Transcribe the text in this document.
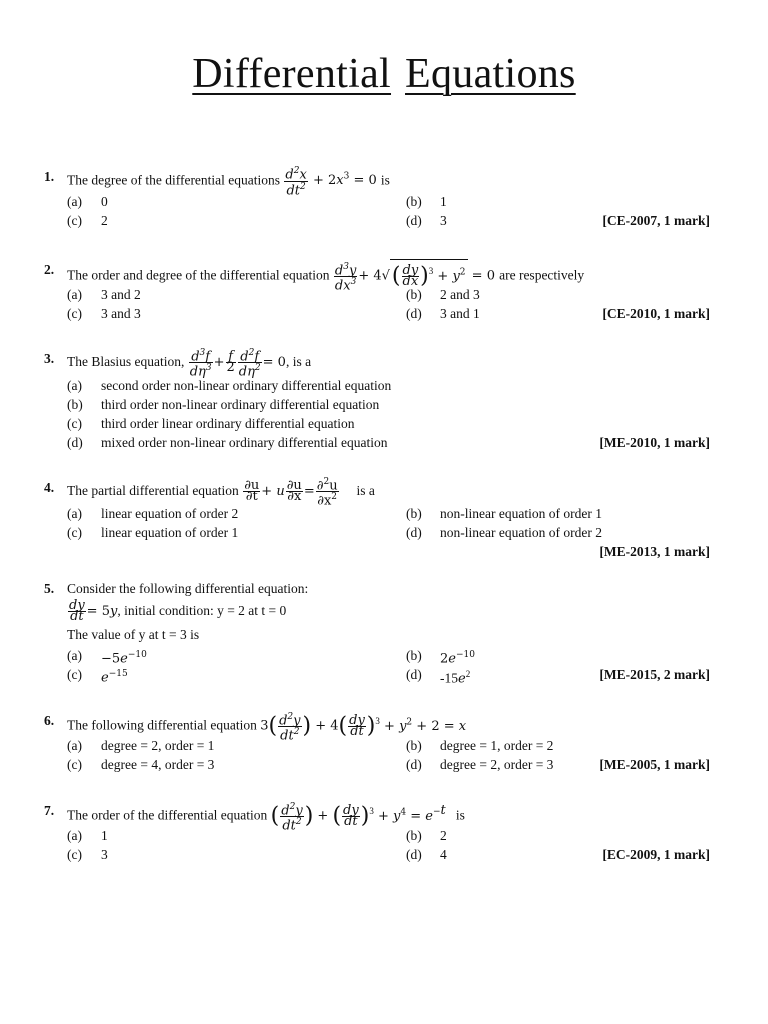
Differential Equations
1. The degree of the differential equations $\frac{d^2x}{dt^2} + 2x^3 = 0$ is
(a) 0	(b) 1
(c) 2	(d) 3	[CE-2007, 1 mark]
2. The order and degree of the differential equation $\frac{d^3y}{dx^3} + 4√( \frac{dy}{dx} )^3 + y^2 = 0$ are respectively
(a) 3 and 2	(b) 2 and 3
(c) 3 and 3	(d) 3 and 1	[CE-2010, 1 mark]
3. The Blasius equation, $\frac{d^3f}{d\eta^3} + \frac{f}{2} \frac{d^2f}{d\eta^2} = 0$, is a
(a) second order non-linear ordinary differential equation
(b) third order non-linear ordinary differential equation
(c) third order linear ordinary differential equation
(d) mixed order non-linear ordinary differential equation	[ME-2010, 1 mark]
4. The partial differential equation $\frac{\partial u}{\partial t} + u \frac{\partial u}{\partial x} = \frac{\partial^2u}{\partial x^2}$ is a
(a) linear equation of order 2	(b) non-linear equation of order 1
(c) linear equation of order 1	(d) non-linear equation of order 2
[ME-2013, 1 mark]
5. Consider the following differential equation:
$\frac{dy}{dt} = 5y$, initial condition: y = 2 at t = 0
The value of y at t = 3 is
$(a) -5e^{-10}$	(b) $2e^{-10}$
(c) $e^{-15}$	(d) $-15e^2$	[ME-2015, 2 mark]
6. The following differential equation $3( \frac{d^2y}{dt^2}$ ) + $4( \frac{dy}{dt} )^3 + y^2 + 2 = x$
(a) degree = 2, order = 1	(b) degree = 1, order = 2
(c) degree = 4, order = 3	(d) degree = 2, order = 3	[ME-2005, 1 mark]
7. The order of the differential equation ( $\frac{d^2y}{dt^2}$ ) + ( $\frac{dy}{dt} )^3 + y^4 = e^{-t}$ is
(a) 1	(b) 2
(c) 3	(d) 4	[EC-2009, 1 mark]
